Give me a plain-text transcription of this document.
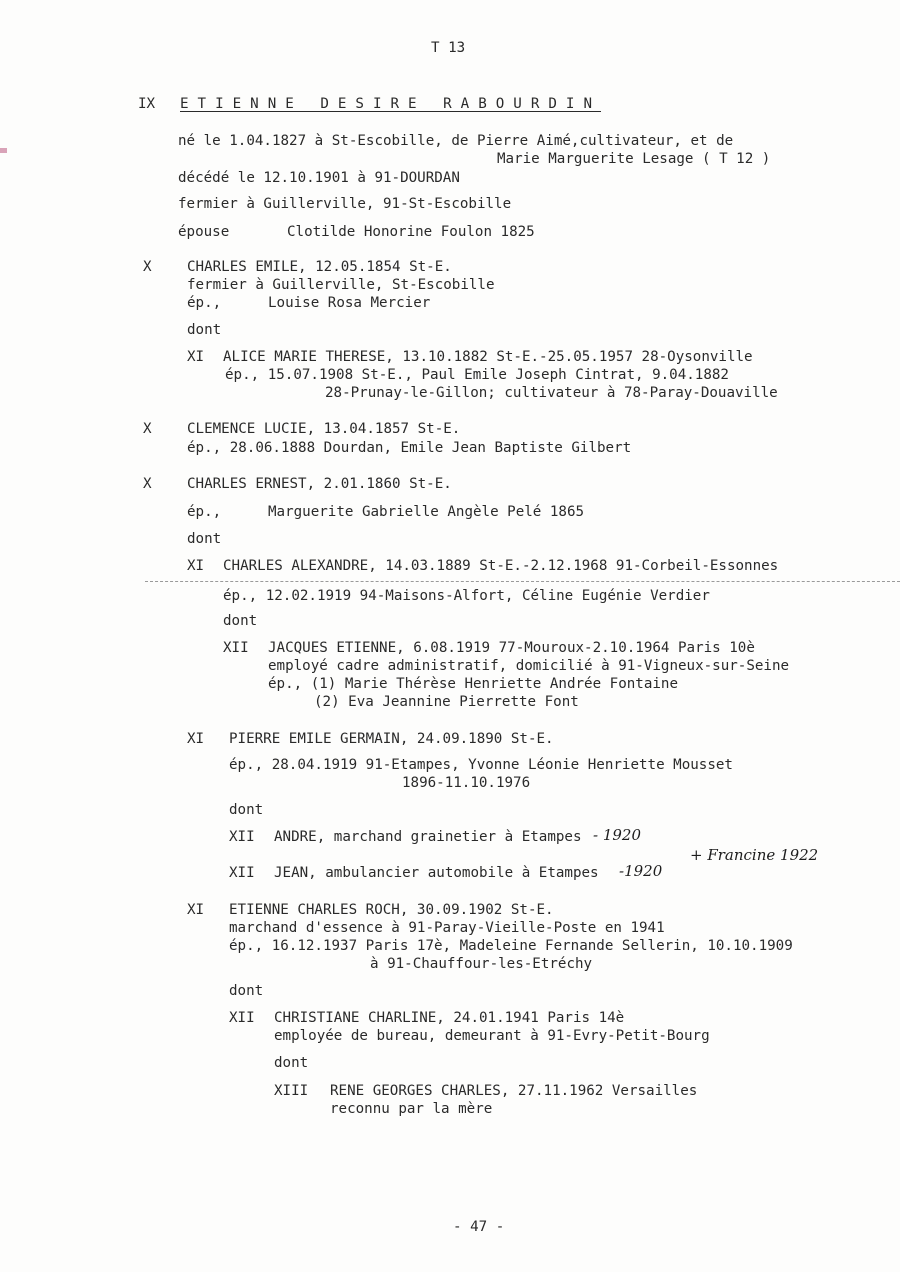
T 13
IX ETIENNE DESIRE RABOURDIN
né le 1.04.1827 à St-Escobille, de Pierre Aimé,cultivateur, et de
Marie Marguerite Lesage ( T 12 )
décédé le 12.10.1901 à 91-DOURDAN
fermier à Guillerville, 91-St-Escobille
épouse	Clotilde Honorine Foulon 1825
X CHARLES EMILE, 12.05.1854 St-E.
fermier à Guillerville, St-Escobille
ép.,	Louise Rosa Mercier
dont
XI ALICE MARIE THERESE, 13.10.1882 St-E.-25.05.1957 28-Oysonville
ép., 15.07.1908 St-E., Paul Emile Joseph Cintrat, 9.04.1882
28-Prunay-le-Gillon; cultivateur à 78-Paray-Douaville
X CLEMENCE LUCIE, 13.04.1857 St-E.
ép., 28.06.1888 Dourdan, Emile Jean Baptiste Gilbert
X CHARLES ERNEST, 2.01.1860 St-E.
ép.,	Marguerite Gabrielle Angèle Pelé 1865
dont
XI CHARLES ALEXANDRE, 14.03.1889 St-E.-2.12.1968 91-Corbeil-Essonnes
ép., 12.02.1919 94-Maisons-Alfort, Céline Eugénie Verdier
dont
XII JACQUES ETIENNE, 6.08.1919 77-Mouroux-2.10.1964 Paris 10è
employé cadre administratif, domicilié à 91-Vigneux-sur-Seine
ép., (1) Marie Thérèse Henriette Andrée Fontaine
(2) Eva Jeannine Pierrette Font
XI PIERRE EMILE GERMAIN, 24.09.1890 St-E.
ép., 28.04.1919 91-Etampes, Yvonne Léonie Henriette Mousset
1896-11.10.1976
dont
XII ANDRE, marchand grainetier à Etampes - 1920
+ Francine 1922
XII JEAN, ambulancier automobile à Etampes -1920
XI ETIENNE CHARLES ROCH, 30.09.1902 St-E.
marchand d'essence à 91-Paray-Vieille-Poste en 1941
ép., 16.12.1937 Paris 17è, Madeleine Fernande Sellerin, 10.10.1909
à 91-Chauffour-les-Etréchy
dont
XII CHRISTIANE CHARLINE, 24.01.1941 Paris 14è
employée de bureau, demeurant à 91-Evry-Petit-Bourg
dont
XIII RENE GEORGES CHARLES, 27.11.1962 Versailles
reconnu par la mère
- 47 -
